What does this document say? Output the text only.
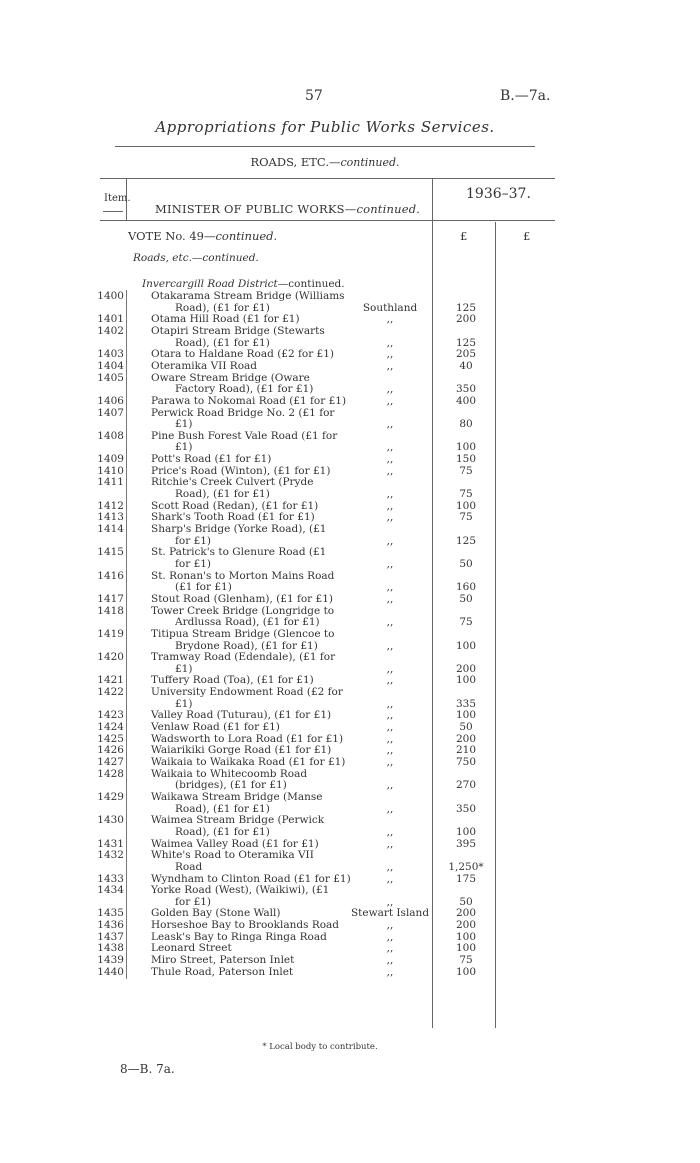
57	B.—7a.
Appropriations for Public Works Services.
ROADS, ETC.—continued.
Item.
MINISTER OF PUBLIC WORKS—continued.
1936–37.
VOTE No. 49—continued.	£	£
Roads, etc.—continued.
Invercargill Road District—continued.
1400	Otakarama Stream Bridge (Williams
Road), (£1 for £1)	Southland	125
1401	Otama Hill Road (£1 for £1)	,,	200
1402	Otapiri Stream Bridge (Stewarts
Road), (£1 for £1)	,,	125
1403	Otara to Haldane Road (£2 for £1)	,,	205
1404	Oteramika VII Road	,,	40
1405	Oware Stream Bridge (Oware
Factory Road), (£1 for £1)	,,	350
1406	Parawa to Nokomai Road (£1 for £1)	,,	400
1407	Perwick Road Bridge No. 2 (£1 for
£1)	,,	80
1408	Pine Bush Forest Vale Road (£1 for
£1)	,,	100
1409	Pott's Road (£1 for £1)	,,	150
1410	Price's Road (Winton), (£1 for £1)	,,	75
1411	Ritchie's Creek Culvert (Pryde
Road), (£1 for £1)	,,	75
1412	Scott Road (Redan), (£1 for £1)	,,	100
1413	Shark's Tooth Road (£1 for £1)	,,	75
1414	Sharp's Bridge (Yorke Road), (£1
for £1)	,,	125
1415	St. Patrick's to Glenure Road (£1
for £1)	,,	50
1416	St. Ronan's to Morton Mains Road
(£1 for £1)	,,	160
1417	Stout Road (Glenham), (£1 for £1)	,,	50
1418	Tower Creek Bridge (Longridge to
Ardlussa Road), (£1 for £1)	,,	75
1419	Titipua Stream Bridge (Glencoe to
Brydone Road), (£1 for £1)	,,	100
1420	Tramway Road (Edendale), (£1 for
£1)	,,	200
1421	Tuffery Road (Toa), (£1 for £1)	,,	100
1422	University Endowment Road (£2 for
£1)	,,	335
1423	Valley Road (Tuturau), (£1 for £1)	,,	100
1424	Venlaw Road (£1 for £1)	,,	50
1425	Wadsworth to Lora Road (£1 for £1)	,,	200
1426	Waiarikiki Gorge Road (£1 for £1)	,,	210
1427	Waikaia to Waikaka Road (£1 for £1)	,,	750
1428	Waikaia to Whitecoomb Road
(bridges), (£1 for £1)	,,	270
1429	Waikawa Stream Bridge (Manse
Road), (£1 for £1)	,,	350
1430	Waimea Stream Bridge (Perwick
Road), (£1 for £1)	,,	100
1431	Waimea Valley Road (£1 for £1)	,,	395
1432	White's Road to Oteramika VII
Road	,,	1,250*
1433	Wyndham to Clinton Road (£1 for £1)	,,	175
1434	Yorke Road (West), (Waikiwi), (£1
for £1)	,,	50
1435	Golden Bay (Stone Wall)	Stewart Island	200
1436	Horseshoe Bay to Brooklands Road	,,	200
1437	Leask's Bay to Ringa Ringa Road	,,	100
1438	Leonard Street	,,	100
1439	Miro Street, Paterson Inlet	,,	75
1440	Thule Road, Paterson Inlet	,,	100
* Local body to contribute.
8—B. 7a.
